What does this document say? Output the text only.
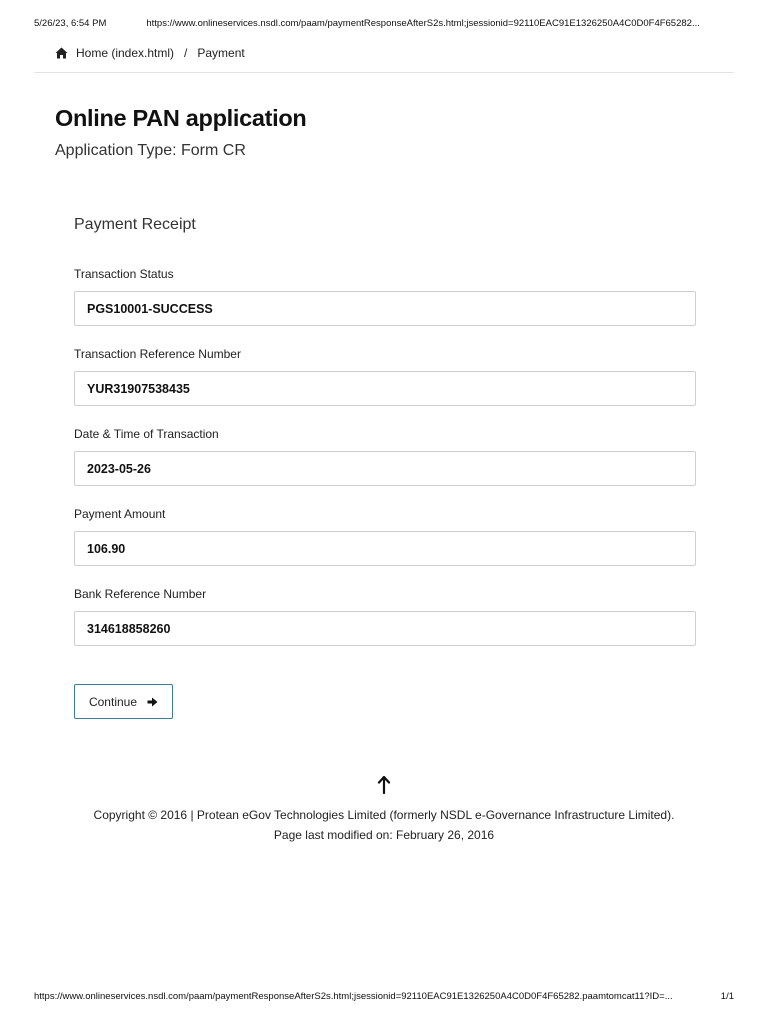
5/26/23, 6:54 PM	https://www.onlineservices.nsdl.com/paam/paymentResponseAfterS2s.html;jsessionid=92110EAC91E1326250A4C0D0F4F65282...
Home (index.html) / Payment
Online PAN application
Application Type: Form CR
Payment Receipt
Transaction Status
PGS10001-SUCCESS
Transaction Reference Number
YUR31907538435
Date & Time of Transaction
2023-05-26
Payment Amount
106.90
Bank Reference Number
314618858260
Continue
Copyright © 2016 | Protean eGov Technologies Limited (formerly NSDL e-Governance Infrastructure Limited).
Page last modified on: February 26, 2016
https://www.onlineservices.nsdl.com/paam/paymentResponseAfterS2s.html;jsessionid=92110EAC91E1326250A4C0D0F4F65282.paamtomcat11?ID=...	1/1
